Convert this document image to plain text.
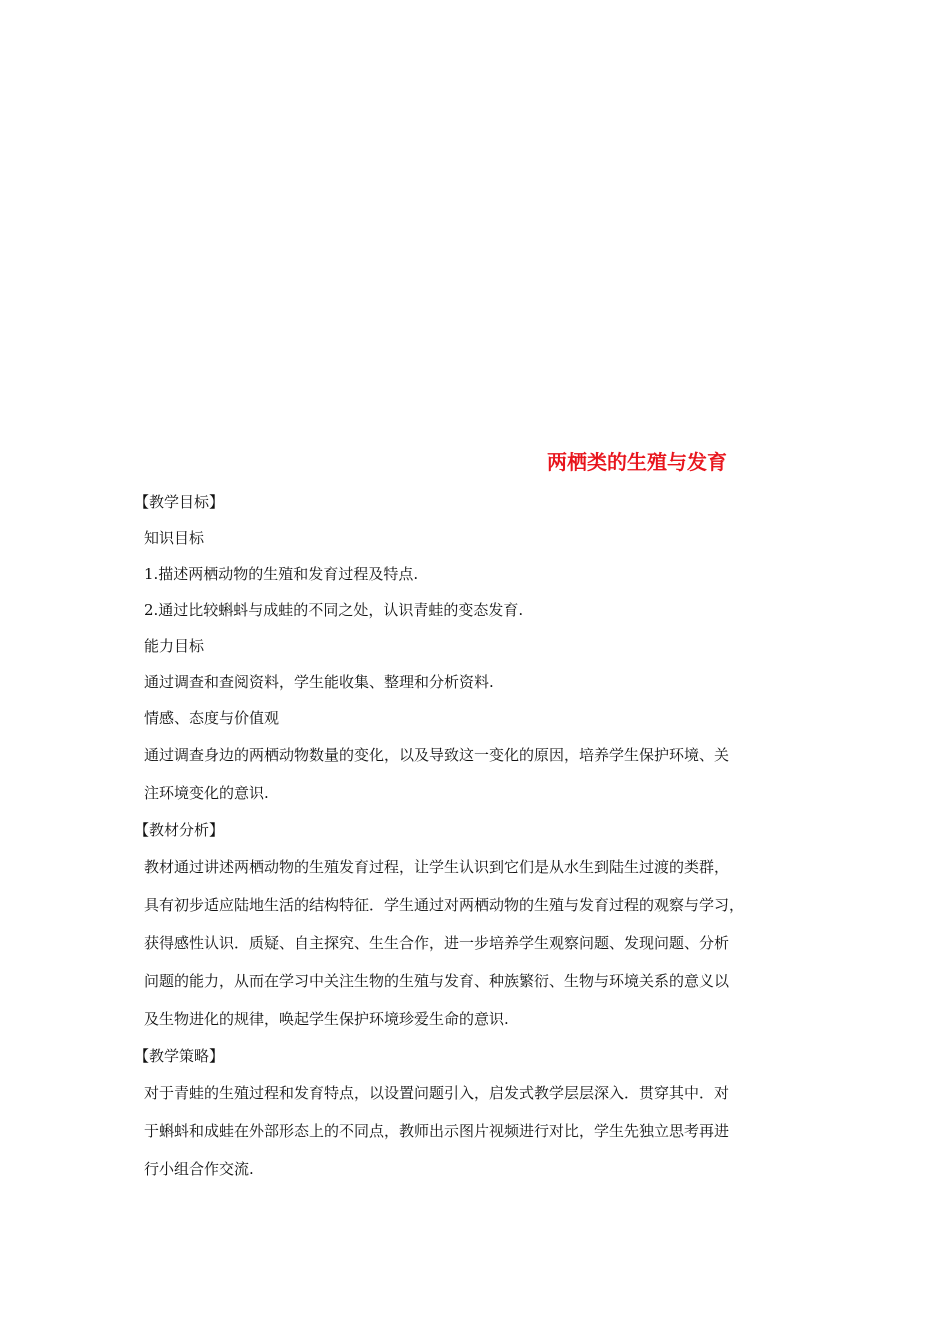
两栖类的生殖与发育
【教学目标】
知识目标
1.描述两栖动物的生殖和发育过程及特点.
2.通过比较蝌蚪与成蛙的不同之处，认识青蛙的变态发育.
能力目标
通过调查和查阅资料，学生能收集、整理和分析资料.
情感、态度与价值观
通过调查身边的两栖动物数量的变化，以及导致这一变化的原因，培养学生保护环境、关
注环境变化的意识.
【教材分析】
教材通过讲述两栖动物的生殖发育过程，让学生认识到它们是从水生到陆生过渡的类群，
具有初步适应陆地生活的结构特征．学生通过对两栖动物的生殖与发育过程的观察与学习，
获得感性认识．质疑、自主探究、生生合作，进一步培养学生观察问题、发现问题、分析
问题的能力，从而在学习中关注生物的生殖与发育、种族繁衍、生物与环境关系的意义以
及生物进化的规律，唤起学生保护环境珍爱生命的意识.
【教学策略】
对于青蛙的生殖过程和发育特点，以设置问题引入，启发式教学层层深入．贯穿其中．对
于蝌蚪和成蛙在外部形态上的不同点，教师出示图片视频进行对比，学生先独立思考再进
行小组合作交流.
